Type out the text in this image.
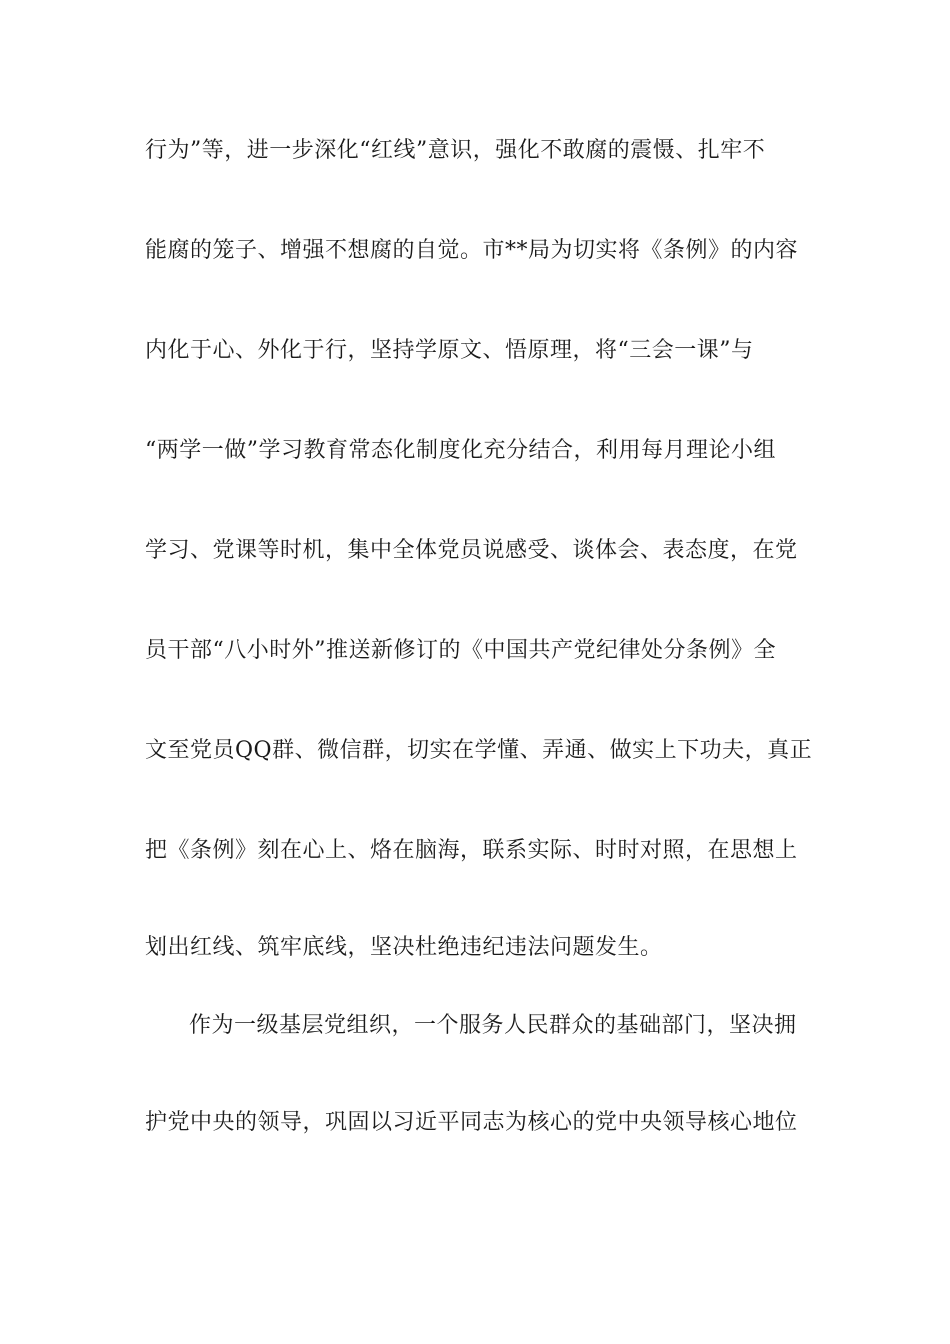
行为”等，进一步深化“红线”意识，强化不敢腐的震慑、扎牢不
能腐的笼子、增强不想腐的自觉。市**局为切实将《条例》的内容
内化于心、外化于行，坚持学原文、悟原理，将“三会一课”与
“两学一做”学习教育常态化制度化充分结合，利用每月理论小组
学习、党课等时机，集中全体党员说感受、谈体会、表态度，在党
员干部“八小时外”推送新修订的《中国共产党纪律处分条例》全
文至党员QQ群、微信群，切实在学懂、弄通、做实上下功夫，真正
把《条例》刻在心上、烙在脑海，联系实际、时时对照，在思想上
划出红线、筑牢底线，坚决杜绝违纪违法问题发生。
作为一级基层党组织，一个服务人民群众的基础部门，坚决拥
护党中央的领导，巩固以习近平同志为核心的党中央领导核心地位
